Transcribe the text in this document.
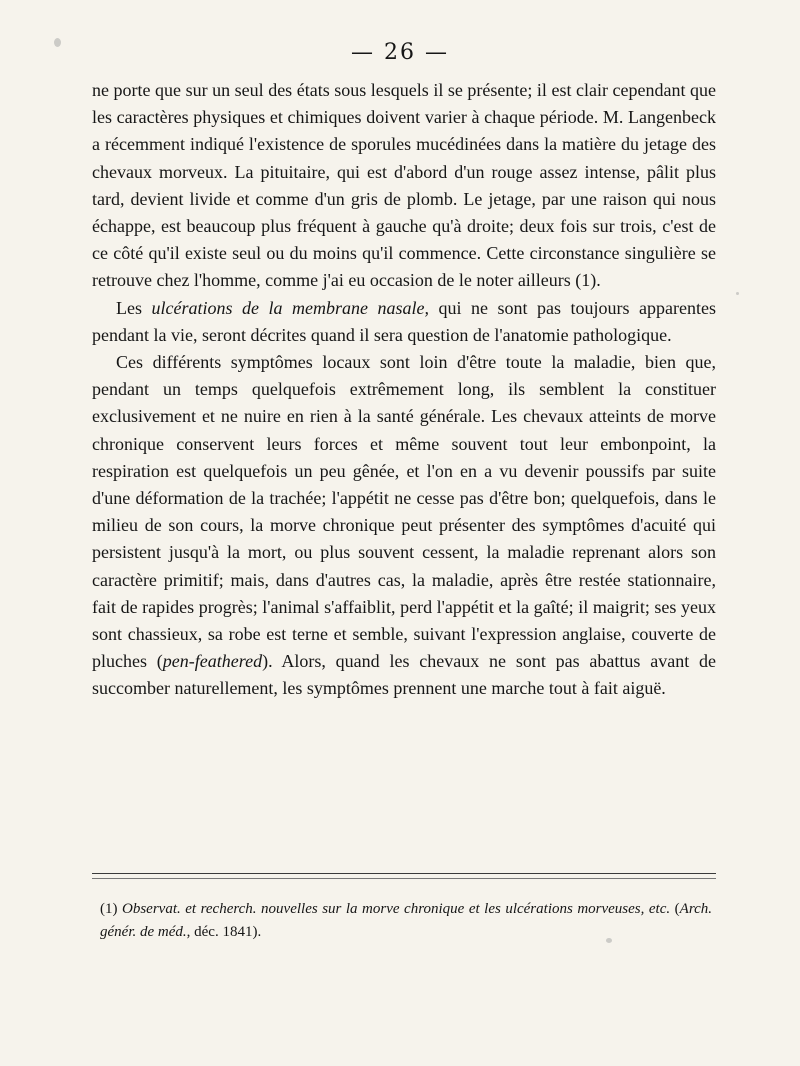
— 26 —

ne porte que sur un seul des états sous lesquels il se présente; il est clair cependant que les caractères physiques et chimiques doivent varier à chaque période. M. Langenbeck a récemment indiqué l'existence de sporules mucédinées dans la matière du jetage des chevaux morveux. La pituitaire, qui est d'abord d'un rouge assez intense, pâlit plus tard, devient livide et comme d'un gris de plomb. Le jetage, par une raison qui nous échappe, est beaucoup plus fréquent à gauche qu'à droite; deux fois sur trois, c'est de ce côté qu'il existe seul ou du moins qu'il commence. Cette circonstance singulière se retrouve chez l'homme, comme j'ai eu occasion de le noter ailleurs (1).

Les ulcérations de la membrane nasale, qui ne sont pas toujours apparentes pendant la vie, seront décrites quand il sera question de l'anatomie pathologique.

Ces différents symptômes locaux sont loin d'être toute la maladie, bien que, pendant un temps quelquefois extrêmement long, ils semblent la constituer exclusivement et ne nuire en rien à la santé générale. Les chevaux atteints de morve chronique conservent leurs forces et même souvent tout leur embonpoint, la respiration est quelquefois un peu gênée, et l'on en a vu devenir poussifs par suite d'une déformation de la trachée; l'appétit ne cesse pas d'être bon; quelquefois, dans le milieu de son cours, la morve chronique peut présenter des symptômes d'acuité qui persistent jusqu'à la mort, ou plus souvent cessent, la maladie reprenant alors son caractère primitif; mais, dans d'autres cas, la maladie, après être restée stationnaire, fait de rapides progrès; l'animal s'affaiblit, perd l'appétit et la gaîté; il maigrit; ses yeux sont chassieux, sa robe est terne et semble, suivant l'expression anglaise, couverte de pluches (pen-feathered). Alors, quand les chevaux ne sont pas abattus avant de succomber naturellement, les symptômes prennent une marche tout à fait aiguë.

(1) Observat. et recherch. nouvelles sur la morve chronique et les ulcérations morveuses, etc. (Arch. génér. de méd., déc. 1841).
